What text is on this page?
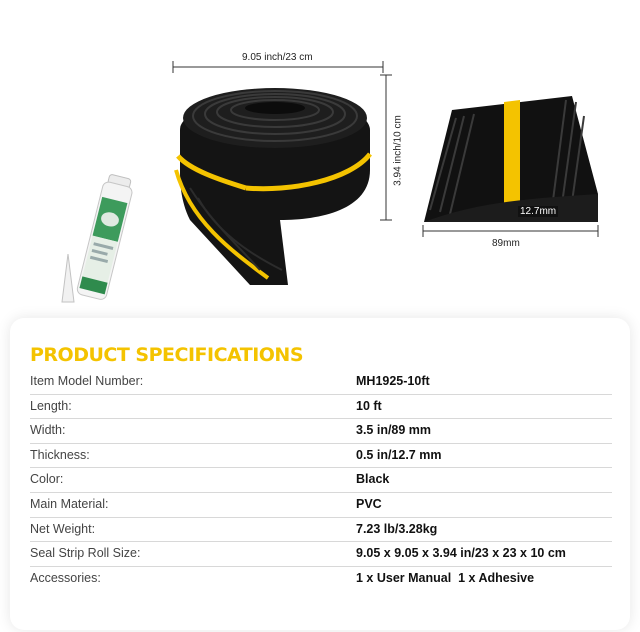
9.05 inch/23 cm
3.94 inch/10 cm
12.7mm
89mm
PRODUCT SPECIFICATIONS
Item Model Number:	MH1925-10ft
Length:	10 ft
Width:	3.5 in/89 mm
Thickness:	0.5 in/12.7 mm
Color:	Black
Main Material:	PVC
Net Weight:	7.23 lb/3.28kg
Seal Strip Roll Size:	9.05 x 9.05 x 3.94 in/23 x 23 x 10 cm
Accessories:	1 x User Manual  1 x Adhesive
